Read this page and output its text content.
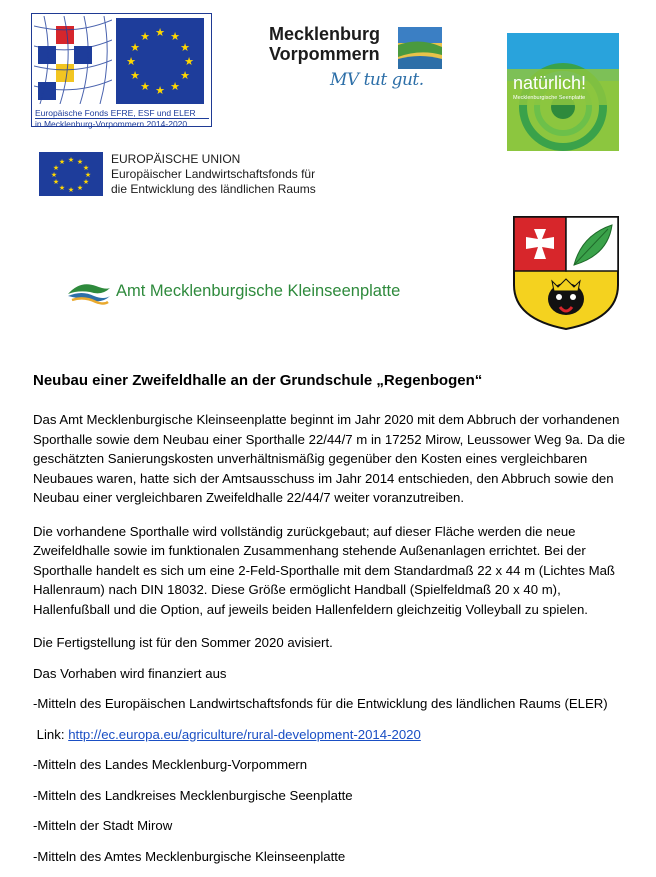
★ ★
★
★
★
★
★
★
★
★
★
★
Europäische Fonds EFRE, ESF und ELER
in Mecklenburg-Vorpommern 2014-2020
Mecklenburg
Vorpommern
MV tut gut.	natürlich!
Mecklenburgische Seenplatte
★ ★
★
★
★
★
★
★
★
★
★
★	EUROPÄISCHE UNION
Europäischer Landwirtschaftsfonds für
die Entwicklung des ländlichen Raums
Amt Mecklenburgische Kleinseenplatte
Neubau einer Zweifeldhalle an der Grundschule „Regenbogen“

Das Amt Mecklenburgische Kleinseenplatte beginnt im Jahr 2020 mit dem Abbruch der vorhandenen Sporthalle sowie dem Neubau einer Sporthalle 22/44/7 m in 17252 Mirow, Leussower Weg 9a. Da die geschätzten Sanierungskosten unverhältnismäßig gegenüber den Kosten eines vergleichbaren Neubaues waren, hatte sich der Amtsausschuss im Jahr 2014 entschieden, den Abbruch sowie den Neubau einer vergleichbaren Zweifeldhalle 22/44/7 weiter voranzutreiben.

Die vorhandene Sporthalle wird vollständig zurückgebaut; auf dieser Fläche werden die neue Zweifeldhalle sowie im funktionalen Zusammenhang stehende Außenanlagen errichtet. Bei der Sporthalle handelt es sich um eine 2-Feld-Sporthalle mit dem Standardmaß 22 x 44 m (Lichtes Maß Hallenraum) nach DIN 18032. Diese Größe ermöglicht Handball (Spielfeldmaß 20 x 40 m), Hallenfußball und die Option, auf jeweils beiden Hallenfeldern gleichzeitig Volleyball zu spielen.

Die Fertigstellung ist für den Sommer 2020 avisiert.

Das Vorhaben wird finanziert aus

-Mitteln des Europäischen Landwirtschaftsfonds für die Entwicklung des ländlichen Raums (ELER)

Link: http://ec.europa.eu/agriculture/rural-development-2014-2020

-Mitteln des Landes Mecklenburg-Vorpommern

-Mitteln des Landkreises Mecklenburgische Seenplatte

-Mitteln der Stadt Mirow

-Mitteln des Amtes Mecklenburgische Kleinseenplatte
